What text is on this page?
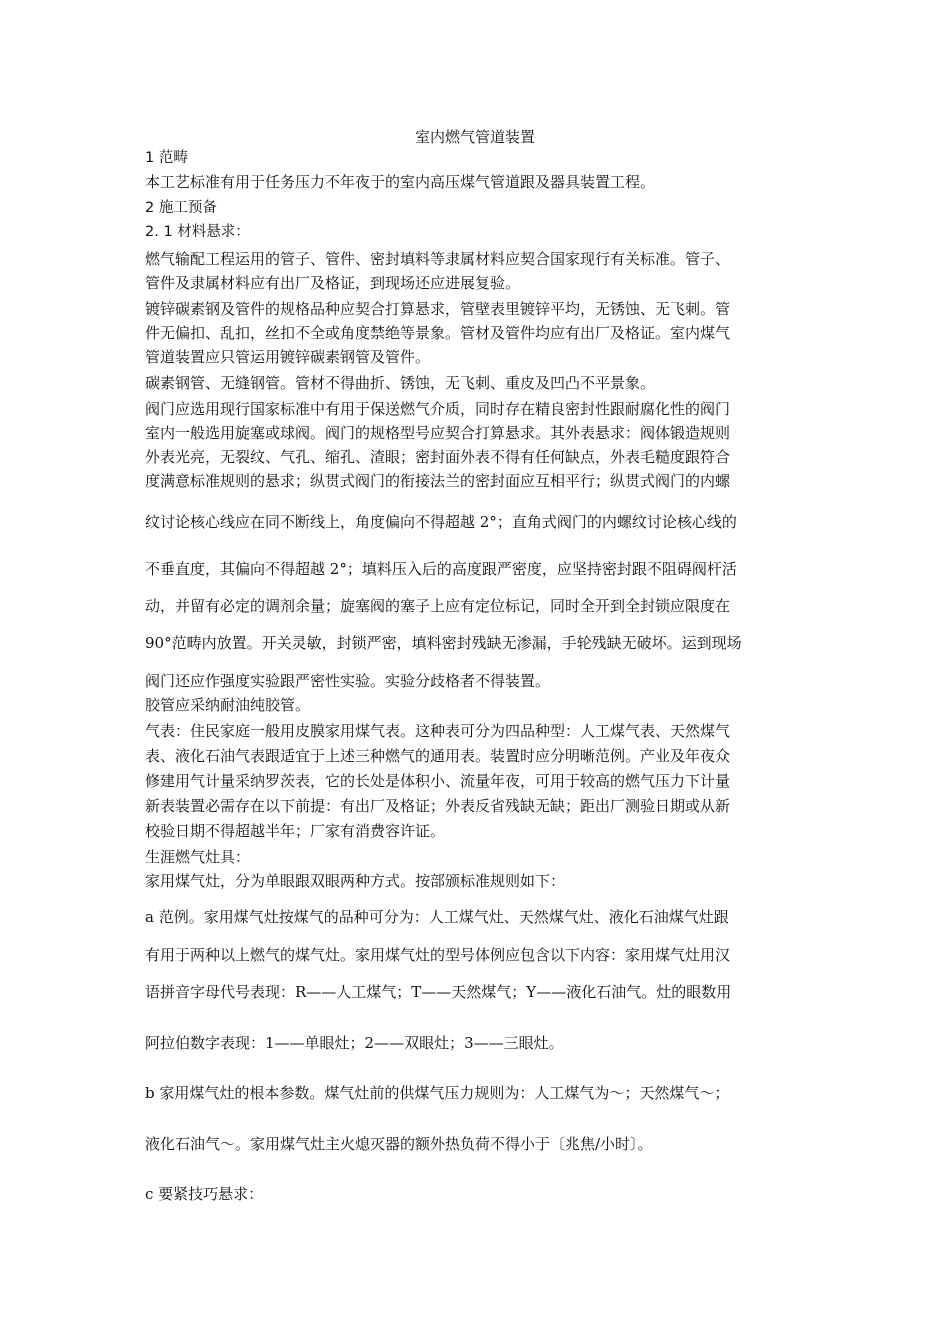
室内燃气管道装置
1 范畴
本工艺标准有用于任务压力不年夜于的室内高压煤气管道跟及器具装置工程。
2 施工预备
2. 1 材料悬求：
燃气输配工程运用的管子、管件、密封填料等隶属材料应契合国家现行有关标准。管子、
管件及隶属材料应有出厂及格证，到现场还应进展复验。
镀锌碳素钢及管件的规格品种应契合打算悬求，管壁表里镀锌平均，无锈蚀、无飞刺。管
件无偏扣、乱扣，丝扣不全或角度禁绝等景象。管材及管件均应有出厂及格证。室内煤气
管道装置应只管运用镀锌碳素钢管及管件。
碳素钢管、无缝钢管。管材不得曲折、锈蚀，无飞刺、重皮及凹凸不平景象。
阀门应选用现行国家标准中有用于保送燃气介质，同时存在精良密封性跟耐腐化性的阀门
室内一般选用旋塞或球阀。阀门的规格型号应契合打算悬求。其外表悬求：阀体锻造规则
外表光亮，无裂纹、气孔、缩孔、渣眼；密封面外表不得有任何缺点，外表毛糙度跟符合
度满意标准规则的悬求；纵贯式阀门的衔接法兰的密封面应互相平行；纵贯式阀门的内螺
纹讨论核心线应在同不断线上，角度偏向不得超越 2°；直角式阀门的内螺纹讨论核心线的
不垂直度，其偏向不得超越 2°；填料压入后的高度跟严密度，应坚持密封跟不阻碍阀杆活
动，并留有必定的调剂余量；旋塞阀的塞子上应有定位标记，同时全开到全封锁应限度在
90°范畴内放置。开关灵敏，封锁严密，填料密封残缺无渗漏，手轮残缺无破坏。运到现场
阀门还应作强度实验跟严密性实验。实验分歧格者不得装置。
胶管应采纳耐油纯胶管。
气表：住民家庭一般用皮膜家用煤气表。这种表可分为四品种型：人工煤气表、天然煤气
表、液化石油气表跟适宜于上述三种燃气的通用表。装置时应分明晰范例。产业及年夜众
修建用气计量采纳罗茨表，它的长处是体积小、流量年夜，可用于较高的燃气压力下计量
新表装置必需存在以下前提：有出厂及格证；外表反省残缺无缺；距出厂测验日期或从新
校验日期不得超越半年；厂家有消费容许证。
生涯燃气灶具：
家用煤气灶，分为单眼跟双眼两种方式。按部颁标准规则如下：
a 范例。家用煤气灶按煤气的品种可分为：人工煤气灶、天然煤气灶、液化石油煤气灶跟
有用于两种以上燃气的煤气灶。家用煤气灶的型号体例应包含以下内容：家用煤气灶用汉
语拼音字母代号表现：R——人工煤气；T——天然煤气；Y——液化石油气。灶的眼数用
阿拉伯数字表现：1——单眼灶；2——双眼灶；3——三眼灶。
b 家用煤气灶的根本参数。煤气灶前的供煤气压力规则为：人工煤气为～；天然煤气～；
液化石油气～。家用煤气灶主火熄灭器的额外热负荷不得小于〔兆焦/小时〕。
c 要紧技巧悬求：
